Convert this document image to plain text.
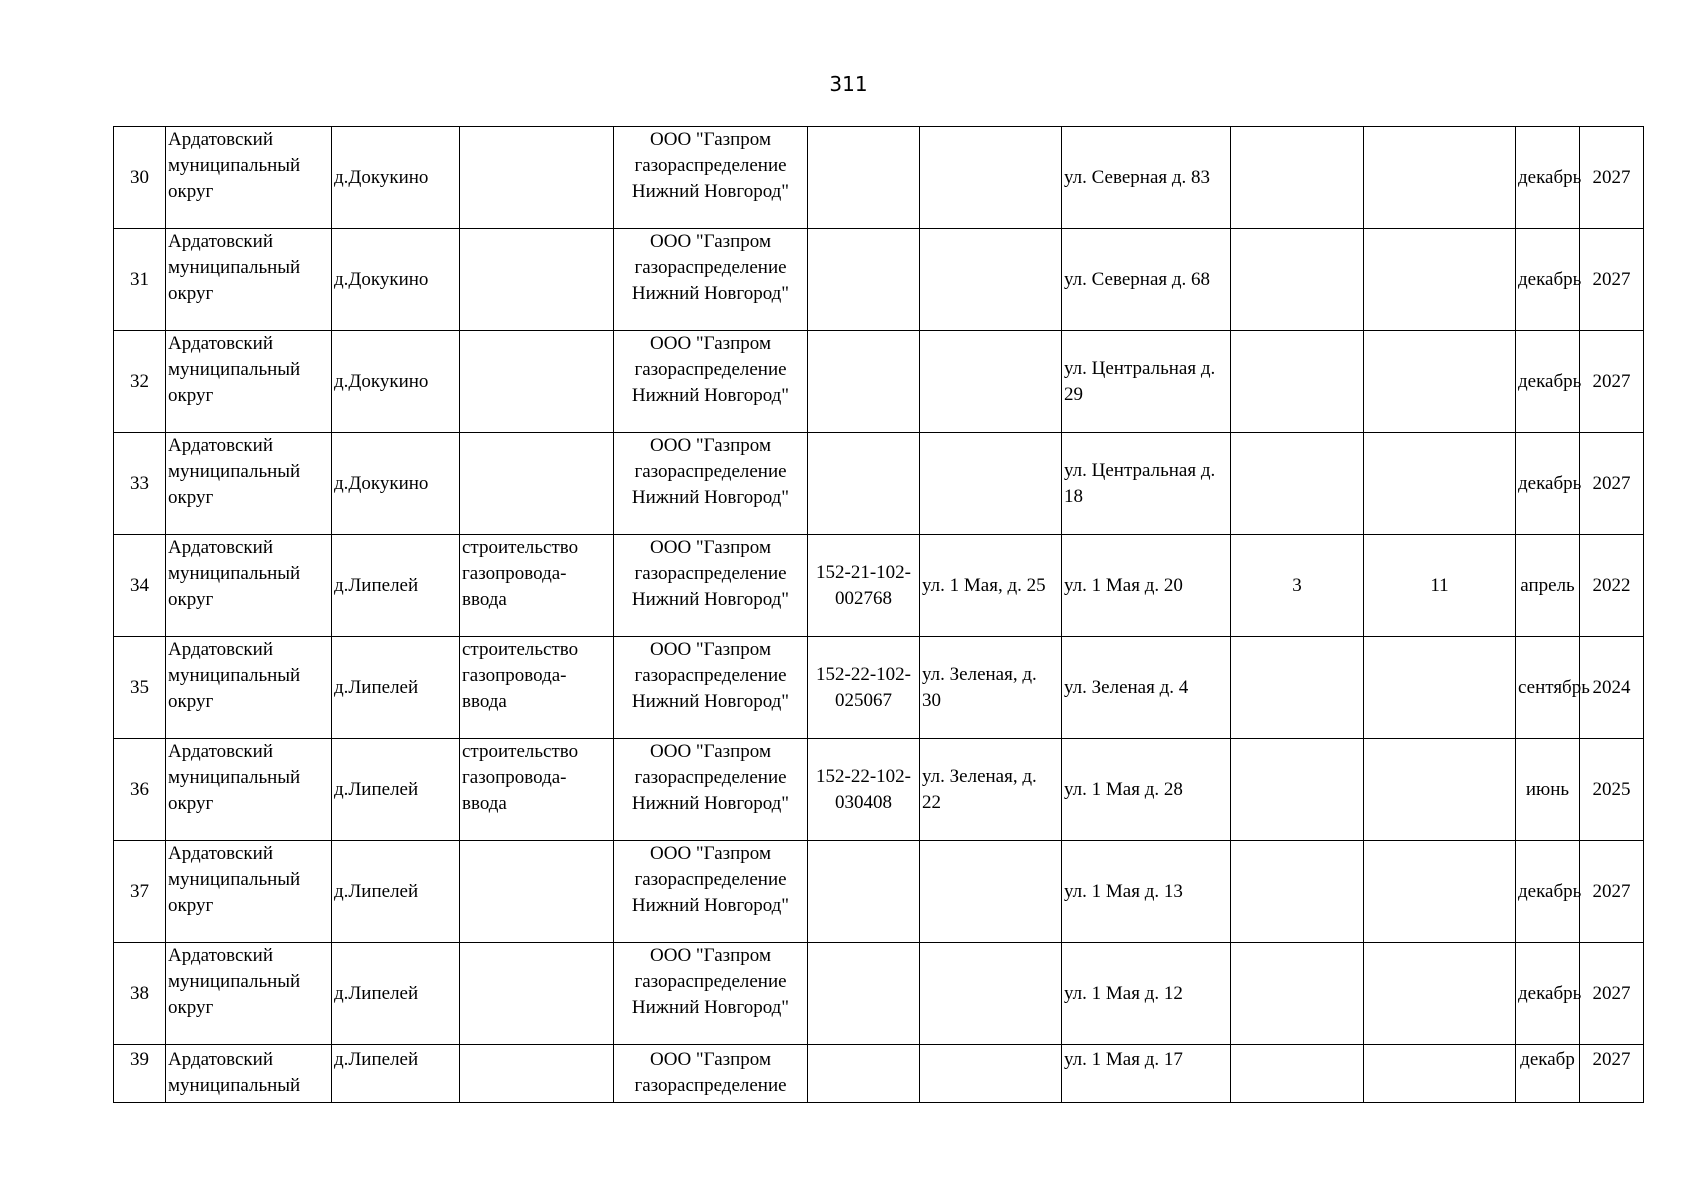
311
30	Ардатовский муниципальный округ	д.Докукино		ООО "Газпром газораспределение Нижний Новгород"			ул. Северная д. 83			декабрь	2027
31	Ардатовский муниципальный округ	д.Докукино		ООО "Газпром газораспределение Нижний Новгород"			ул. Северная д. 68			декабрь	2027
32	Ардатовский муниципальный округ	д.Докукино		ООО "Газпром газораспределение Нижний Новгород"			ул. Центральная д. 29			декабрь	2027
33	Ардатовский муниципальный округ	д.Докукино		ООО "Газпром газораспределение Нижний Новгород"			ул. Центральная д. 18			декабрь	2027
34	Ардатовский муниципальный округ	д.Липелей	строительство газопровода-ввода	ООО "Газпром газораспределение Нижний Новгород"	152-21-102-002768	ул. 1 Мая, д. 25	ул. 1 Мая д. 20	3	11	апрель	2022
35	Ардатовский муниципальный округ	д.Липелей	строительство газопровода-ввода	ООО "Газпром газораспределение Нижний Новгород"	152-22-102-025067	ул. Зеленая, д. 30	ул. Зеленая д. 4			сентябрь	2024
36	Ардатовский муниципальный округ	д.Липелей	строительство газопровода-ввода	ООО "Газпром газораспределение Нижний Новгород"	152-22-102-030408	ул. Зеленая, д. 22	ул. 1 Мая д. 28			июнь	2025
37	Ардатовский муниципальный округ	д.Липелей		ООО "Газпром газораспределение Нижний Новгород"			ул. 1 Мая д. 13			декабрь	2027
38	Ардатовский муниципальный округ	д.Липелей		ООО "Газпром газораспределение Нижний Новгород"			ул. 1 Мая д. 12			декабрь	2027
39	Ардатовский муниципальный	д.Липелей		ООО "Газпром газораспределение			ул. 1 Мая д. 17			декабр	2027
